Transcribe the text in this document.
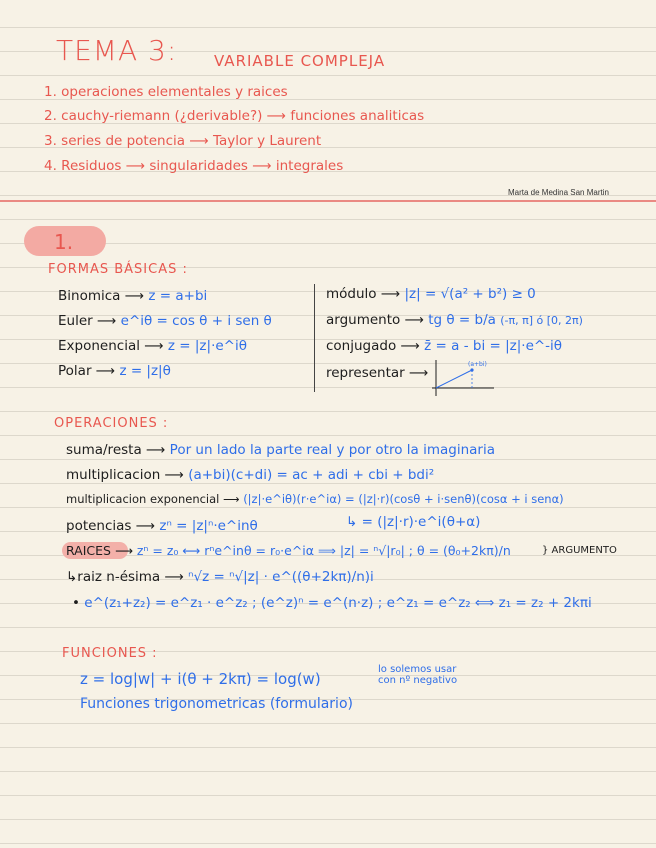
TEMA 3: VARIABLE COMPLEJA
1. operaciones elementales y raices
2. cauchy-riemann (¿derivable?) ⟶ funciones analiticas
3. series de potencia ⟶ Taylor y Laurent
4. Residuos ⟶ singularidades ⟶ integrales
Marta de Medina San Martin
1.
FORMAS BÁSICAS :
Binomica ⟶ z = a+bi
Euler ⟶ e^iθ = cos θ + i sen θ
Exponencial ⟶ z = |z|·e^iθ
Polar ⟶ z = |z|θ
módulo ⟶ |z| = √(a² + b²) ≥ 0
argumento ⟶ tg θ = b/a (-π, π] ó [0, 2π)
conjugado ⟶ z̄ = a - bi = |z|·e^-iθ
representar ⟶
(a+bi)
OPERACIONES :
suma/resta ⟶ Por un lado la parte real y por otro la imaginaria
multiplicacion ⟶ (a+bi)(c+di) = ac + adi + cbi + bdi²
multiplicacion exponencial ⟶ (|z|·e^iθ)(r·e^iα) = (|z|·r)(cosθ + i·senθ)(cosα + i senα)
potencias ⟶ zⁿ = |z|ⁿ·e^inθ	↳ = (|z|·r)·e^i(θ+α)
RAICES ⟶ zⁿ = z₀ ⟷ rⁿe^inθ = r₀·e^iα ⟹ |z| = ⁿ√|r₀| ; θ = (θ₀+2kπ)/n	} ARGUMENTO
↳raiz n-ésima ⟶ ⁿ√z = ⁿ√|z| · e^((θ+2kπ)/n)i
• e^(z₁+z₂) = e^z₁ · e^z₂ ; (e^z)ⁿ = e^(n·z) ; e^z₁ = e^z₂ ⟺ z₁ = z₂ + 2kπi
FUNCIONES :
z = log|w| + i(θ + 2kπ) = log(w)
lo solemos usar
con nº negativo
Funciones trigonometricas (formulario)
